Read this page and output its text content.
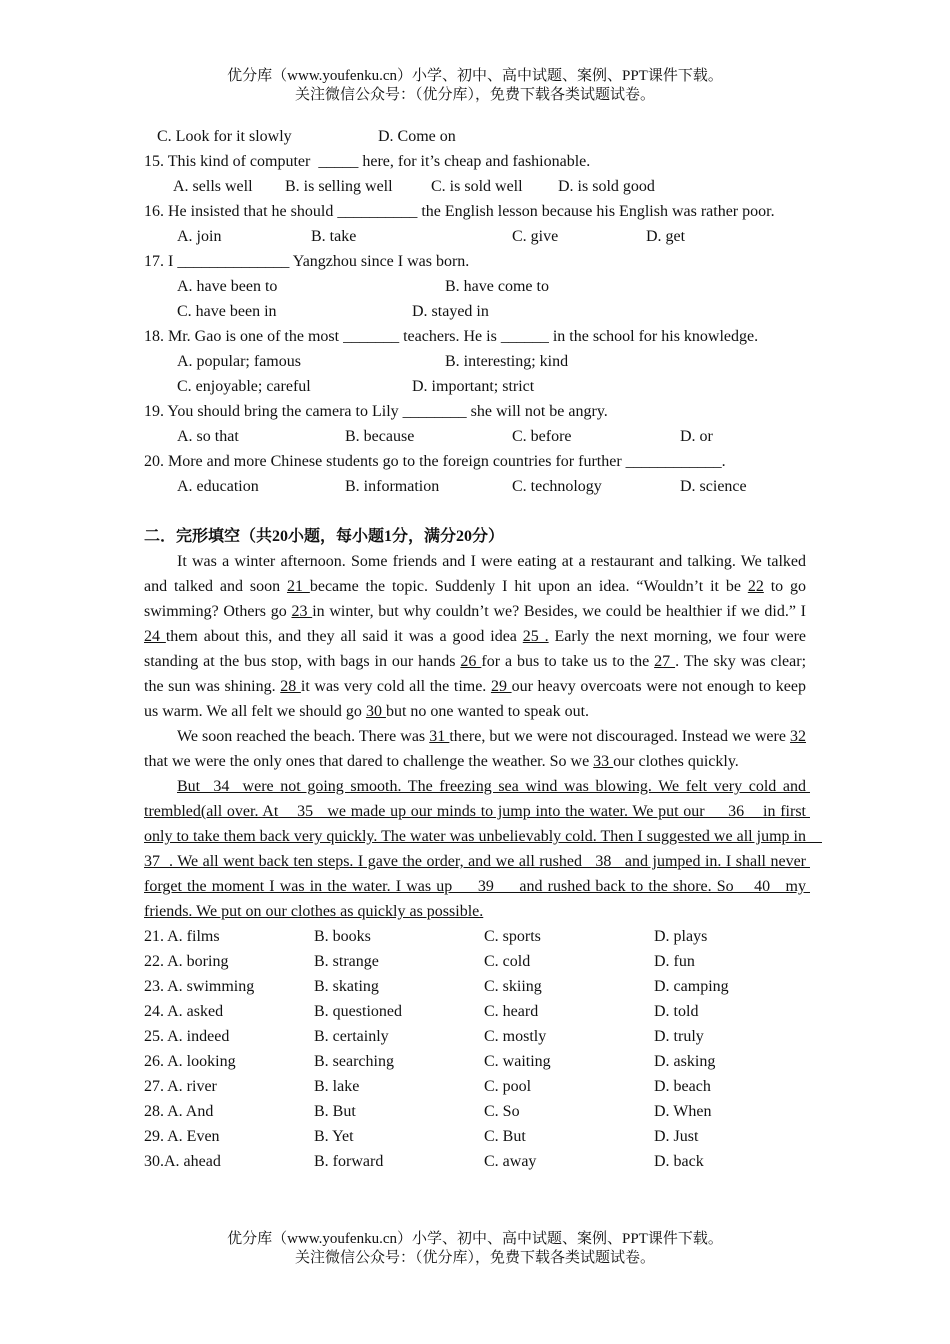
优分库（www.youfenku.cn）小学、初中、高中试题、案例、PPT课件下载。
关注微信公众号：（优分库），免费下载各类试题试卷。
C. Look for it slowly	D. Come on
15. This kind of computer  _____ here, for it’s cheap and fashionable.
A. sells well B. is selling well C. is sold well D. is sold good
16. He insisted that he should __________ the English lesson because his English was rather poor.
A. join	B. take	C. give	D. get
17. I ______________ Yangzhou since I was born.
A. have been to	B. have come to
C. have been in	D. stayed in
18. Mr. Gao is one of the most _______ teachers. He is ______ in the school for his knowledge.
A. popular; famous	B. interesting; kind
C. enjoyable; careful	D. important; strict
19. You should bring the camera to Lily ________ she will not be angry.
A. so that	B. because	C. before	D. or
20. More and more Chinese students go to the foreign countries for further ____________.
A. education	B. information	C. technology	D. science
二．完形填空（共20小题，每小题1分，满分20分）
It was a winter afternoon. Some friends and I were eating at a restaurant and talking. We talked and talked and soon 21 became the topic. Suddenly I hit upon an idea. “Wouldn’t it be 22 to go swimming? Others go 23 in winter, but why couldn’t we? Besides, we could be healthier if we did.” I 24 them about this, and they all said it was a good idea 25 . Early the next morning, we four were standing at the bus stop, with bags in our hands 26 for a bus to take us to the 27 . The sky was clear; the sun was shining. 28 it was very cold all the time. 29 our heavy overcoats were not enough to keep us warm. We all felt we should go 30 but no one wanted to speak out.
We soon reached the beach. There was 31 there, but we were not discouraged. Instead we were 32 that we were the only ones that dared to challenge the weather. So we 33 our clothes quickly.
But  34  were not going smooth. The freezing sea wind was blowing. We felt very cold and trembled(all over. At    35   we made up our minds to jump into the water. We put our     36    in first only to take them back very quickly. The water was unbelievably cold. Then I suggested we all jump in    37  . We all went back ten steps. I gave the order, and we all rushed   38   and jumped in. I shall never forget the moment I was in the water. I was up     39     and rushed back to the shore. So    40   my friends. We put on our clothes as quickly as possible.
21. A. films	B. books	C. sports	D. plays
22. A. boring	B. strange	C. cold	D. fun
23. A. swimming	B. skating	C. skiing	D. camping
24. A. asked	B. questioned	C. heard	D. told
25. A. indeed	B. certainly	C. mostly	D. truly
26. A. looking	B. searching	C. waiting	D. asking
27. A. river	B. lake	C. pool	D. beach
28. A. And	B. But	C. So	D. When
29. A. Even	B. Yet	C. But	D. Just
30.A. ahead	B. forward	C. away	D. back
优分库（www.youfenku.cn）小学、初中、高中试题、案例、PPT课件下载。
关注微信公众号：（优分库），免费下载各类试题试卷。
